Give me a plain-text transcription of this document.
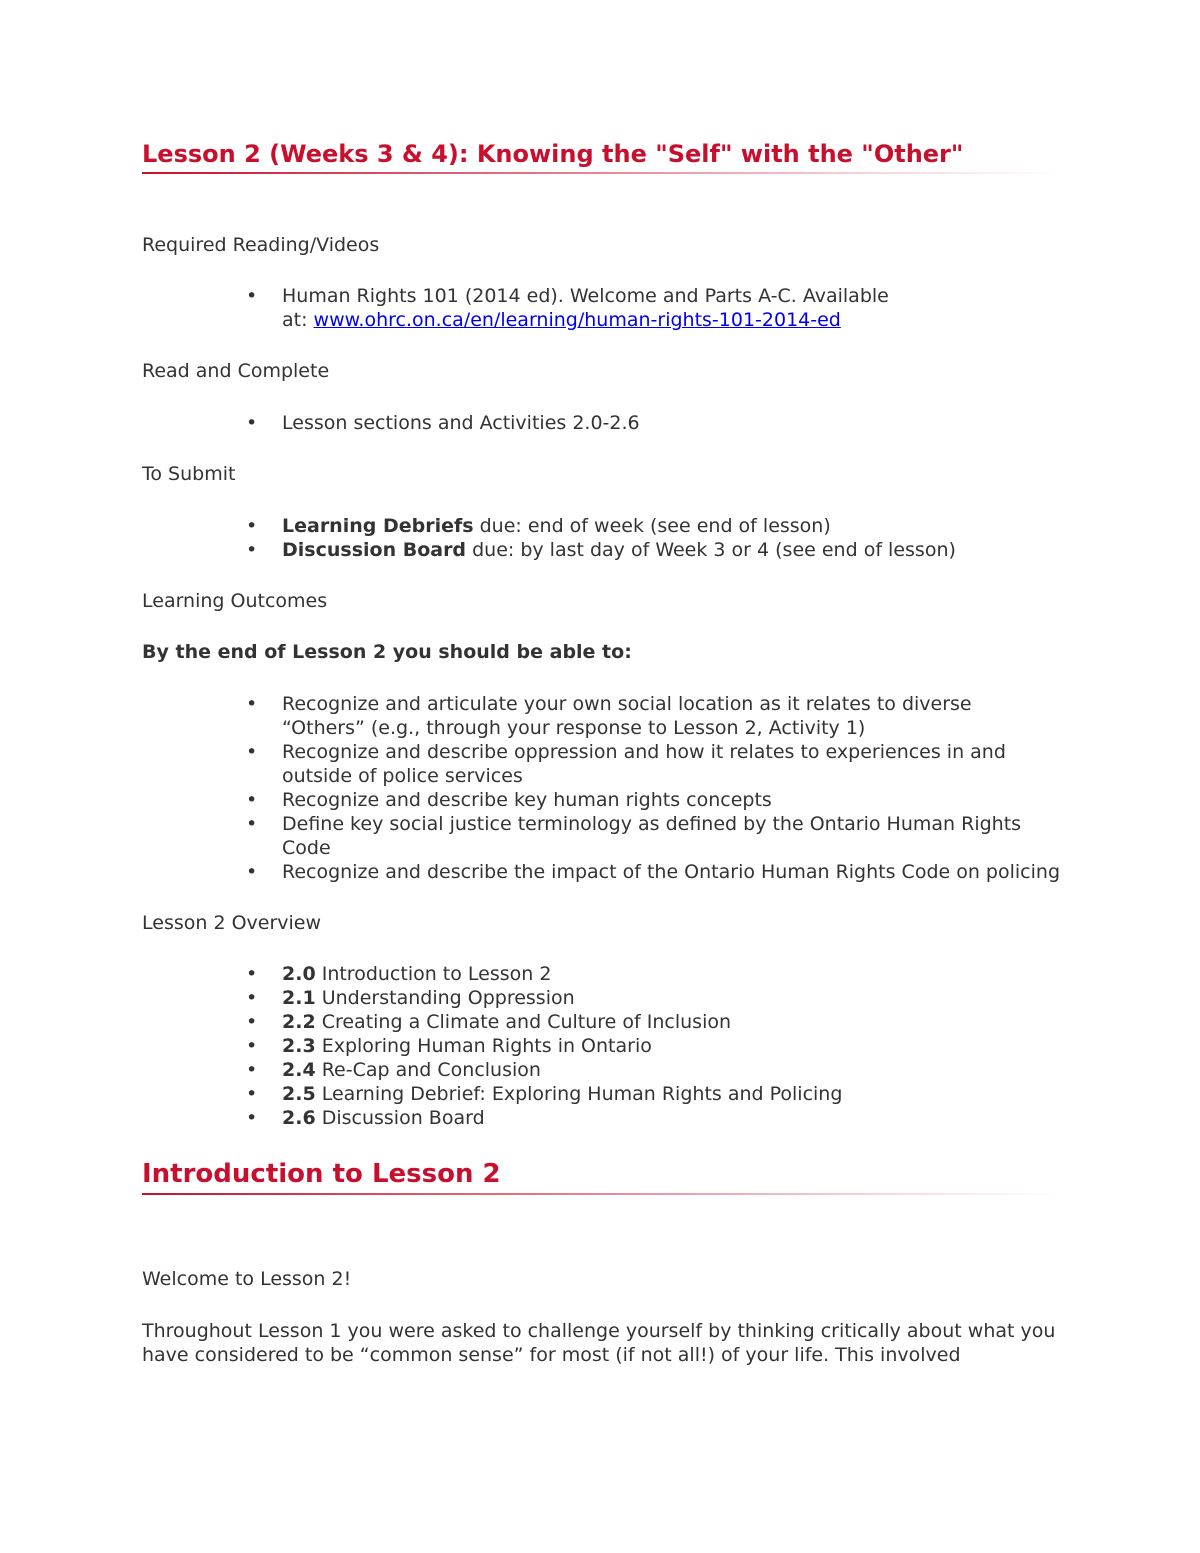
Lesson 2 (Weeks 3 & 4): Knowing the "Self" with the "Other"
Required Reading/Videos
• Human Rights 101 (2014 ed). Welcome and Parts A-C. Available
at: www.ohrc.on.ca/en/learning/human-rights-101-2014-ed
Read and Complete
• Lesson sections and Activities 2.0-2.6
To Submit
• Learning Debriefs due: end of week (see end of lesson)
• Discussion Board due: by last day of Week 3 or 4 (see end of lesson)
Learning Outcomes

By the end of Lesson 2 you should be able to:

• Recognize and articulate your own social location as it relates to diverse “Others” (e.g., through your response to Lesson 2, Activity 1)
• Recognize and describe oppression and how it relates to experiences in and outside of police services
• Recognize and describe key human rights concepts
• Define key social justice terminology as defined by the Ontario Human Rights Code
• Recognize and describe the impact of the Ontario Human Rights Code on policing
Lesson 2 Overview
• 2.0 Introduction to Lesson 2
• 2.1 Understanding Oppression
• 2.2 Creating a Climate and Culture of Inclusion
• 2.3 Exploring Human Rights in Ontario
• 2.4 Re-Cap and Conclusion
• 2.5 Learning Debrief: Exploring Human Rights and Policing
• 2.6 Discussion Board
Introduction to Lesson 2

Welcome to Lesson 2!

Throughout Lesson 1 you were asked to challenge yourself by thinking critically about what you have considered to be “common sense” for most (if not all!) of your life. This involved
